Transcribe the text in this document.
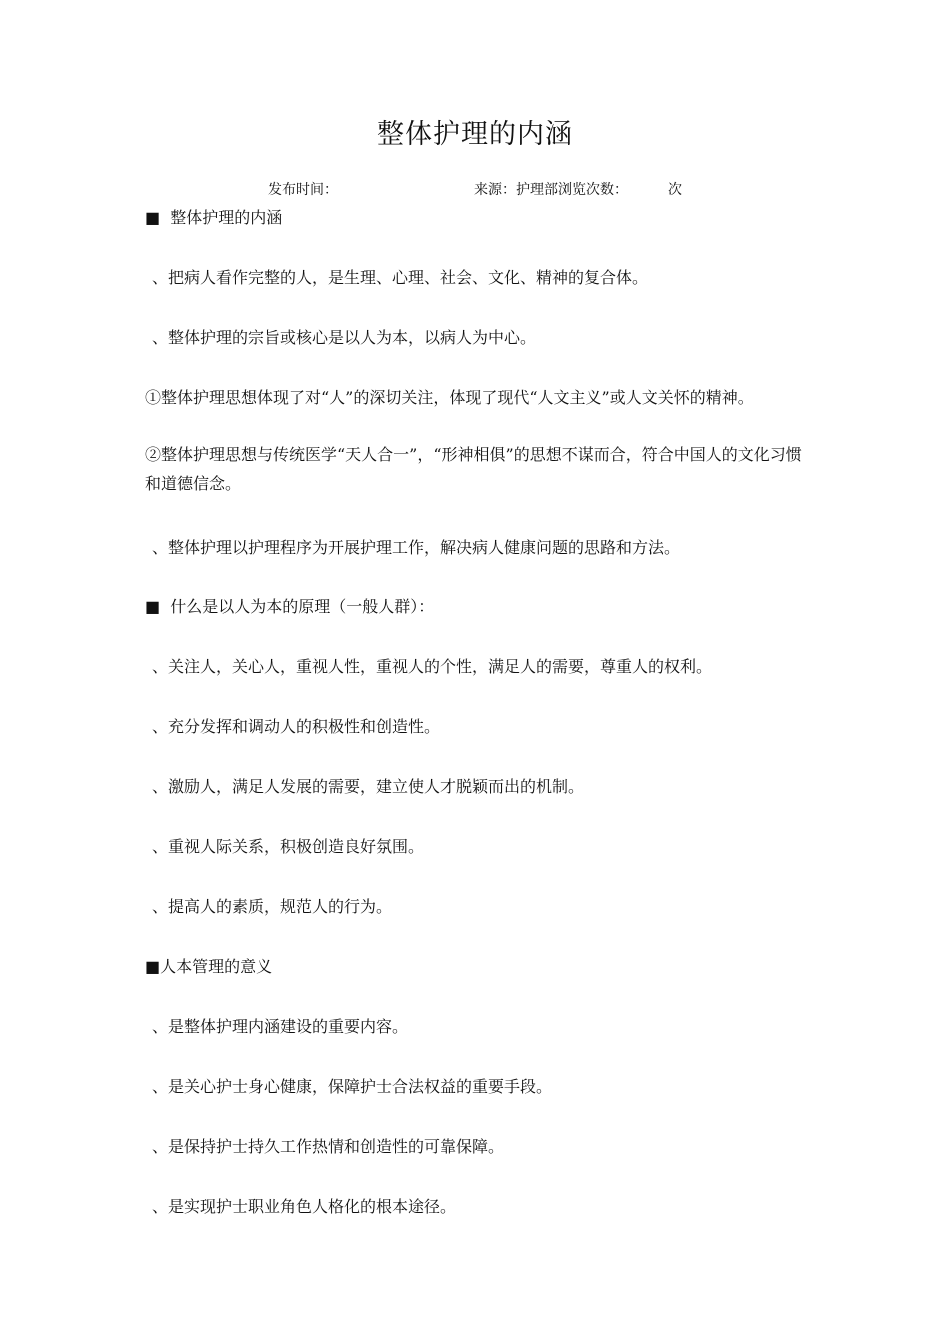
整体护理的内涵
发布时间：	来源：护理部浏览次数：	次
■ 整体护理的内涵
、把病人看作完整的人，是生理、心理、社会、文化、精神的复合体。
、整体护理的宗旨或核心是以人为本，以病人为中心。
①整体护理思想体现了对“人”的深切关注，体现了现代“人文主义”或人文关怀的精神。
②整体护理思想与传统医学“天人合一”，“形神相俱”的思想不谋而合，符合中国人的文化习惯和道德信念。
、整体护理以护理程序为开展护理工作，解决病人健康问题的思路和方法。
■ 什么是以人为本的原理（一般人群）：
、关注人，关心人，重视人性，重视人的个性，满足人的需要，尊重人的权利。
、充分发挥和调动人的积极性和创造性。
、激励人，满足人发展的需要，建立使人才脱颖而出的机制。
、重视人际关系，积极创造良好氛围。
、提高人的素质，规范人的行为。
■人本管理的意义
、是整体护理内涵建设的重要内容。
、是关心护士身心健康，保障护士合法权益的重要手段。
、是保持护士持久工作热情和创造性的可靠保障。
、是实现护士职业角色人格化的根本途径。
